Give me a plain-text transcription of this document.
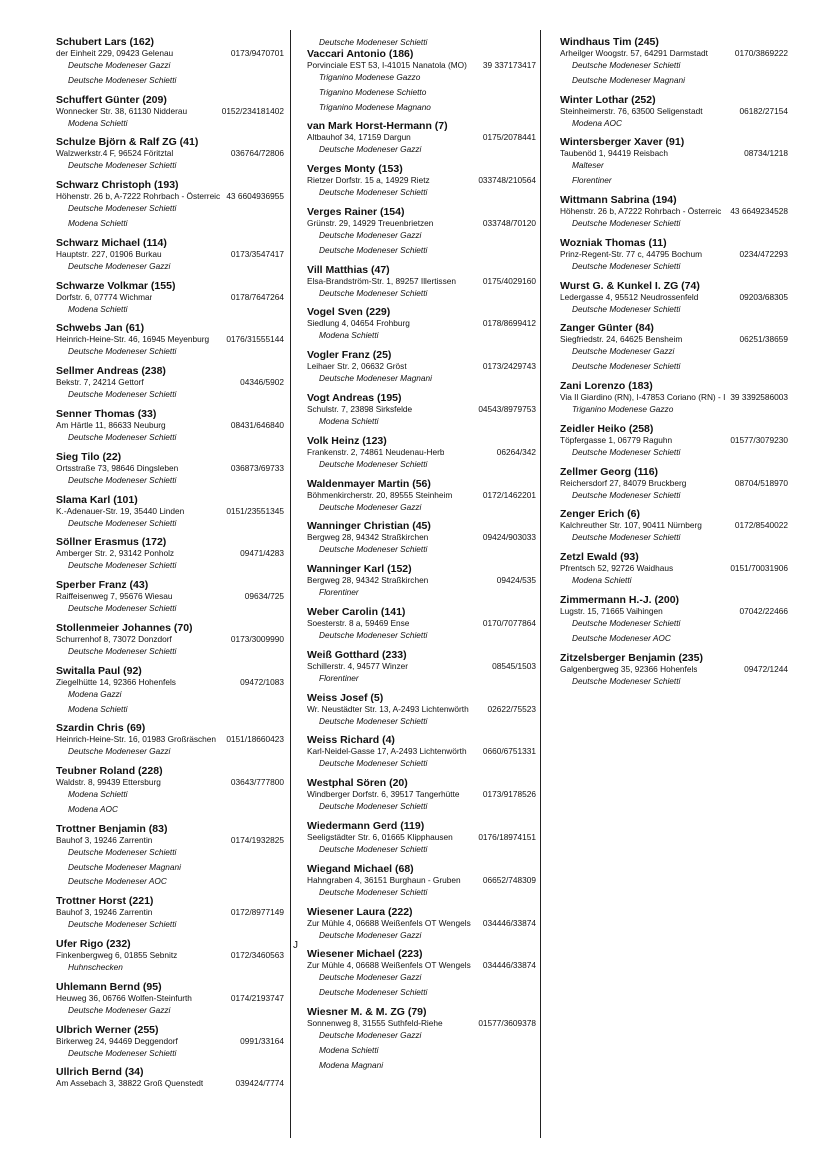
Schubert Lars (162)
der Einheit 229, 09423 Gelenau	0173/9470701
Deutsche Modeneser Gazzi
Deutsche Modeneser Schietti
Schuffert Günter (209)
Wonnecker Str. 38, 61130 Nidderau	0152/234181402
Modena Schietti
Schulze Björn & Ralf ZG (41)
Walzwerkstr.4 F, 96524 Föritztal	036764/72806
Deutsche Modeneser Schietti
Schwarz Christoph (193)
Höhenstr. 26 b, A-7222 Rohrbach - Österreic 43 6604936955
Deutsche Modeneser Schietti
Modena Schietti
Schwarz Michael (114)
Hauptstr. 227, 01906 Burkau	0173/3547417
Deutsche Modeneser Gazzi
Schwarze Volkmar (155)
Dorfstr. 6, 07774 Wichmar	0178/7647264
Modena Schietti
Schwebs Jan (61)
Heinrich-Heine-Str. 46, 16945 Meyenburg	0176/31555144
Deutsche Modeneser Schietti
Sellmer Andreas (238)
Bekstr. 7, 24214 Gettorf	04346/5902
Deutsche Modeneser Schietti
Senner Thomas (33)
Am Härtle 11, 86633 Neuburg	08431/646840
Deutsche Modeneser Schietti
Sieg Tilo (22)
Ortsstraße 73, 98646 Dingsleben	036873/69733
Deutsche Modeneser Schietti
Slama Karl (101)
K.-Adenauer-Str. 19, 35440 Linden	0151/23551345
Deutsche Modeneser Schietti
Söllner Erasmus (172)
Amberger Str. 2, 93142 Ponholz	09471/4283
Deutsche Modeneser Schietti
Sperber Franz (43)
Raiffeisenweg 7, 95676 Wiesau	09634/725
Deutsche Modeneser Schietti
Stollenmeier Johannes (70)
Schurrenhof 8, 73072 Donzdorf	0173/3009990
Deutsche Modeneser Schietti
Switalla Paul (92)
Ziegelhütte 14, 92366 Hohenfels	09472/1083
Modena Gazzi
Modena Schietti
Szardin Chris (69)
Heinrich-Heine-Str. 16, 01983 Großräschen	0151/18660423
Deutsche Modeneser Gazzi
Teubner Roland (228)
Waldstr. 8, 99439 Ettersburg	03643/777800
Modena Schietti
Modena AOC
Trottner Benjamin (83)
Bauhof 3, 19246 Zarrentin	0174/1932825
Deutsche Modeneser Schietti
Deutsche Modeneser Magnani
Deutsche Modeneser AOC
Trottner Horst (221)
Bauhof 3, 19246 Zarrentin	0172/8977149
Deutsche Modeneser Schietti
Ufer Rigo (232)
Finkenbergweg 6, 01855 Sebnitz	0172/3460563
Huhnschecken
Uhlemann Bernd (95)
Heuweg 36, 06766 Wolfen-Steinfurth	0174/2193747
Deutsche Modeneser Gazzi
Ulbrich Werner (255)
Birkerweg 24, 94469 Deggendorf	0991/33164
Deutsche Modeneser Schietti
Ullrich Bernd (34)
Am Assebach 3, 38822 Groß Quenstedt	039424/7774
J
Deutsche Modeneser Schietti
Vaccari Antonio (186)
Porvinciale EST 53, I-41015 Nanatola (MO)	39 337173417
Triganino Modenese Gazzo
Triganino Modenese Schietto
Triganino Modenese Magnano
van Mark Horst-Hermann (7)
Altbauhof 34, 17159 Dargun	0175/2078441
Deutsche Modeneser Gazzi
Verges Monty (153)
Rietzer Dorfstr. 15 a, 14929 Rietz	033748/210564
Deutsche Modeneser Schietti
Verges Rainer (154)
Grünstr. 29, 14929 Treuenbrietzen	033748/70120
Deutsche Modeneser Gazzi
Deutsche Modeneser Schietti
Vill Matthias (47)
Elsa-Brandström-Str. 1, 89257 Illertissen	0175/4029160
Deutsche Modeneser Schietti
Vogel Sven (229)
Siedlung 4, 04654 Frohburg	0178/8699412
Modena Schietti
Vogler Franz (25)
Leihaer Str. 2, 06632 Gröst	0173/2429743
Deutsche Modeneser Magnani
Vogt Andreas (195)
Schulstr. 7, 23898 Sirksfelde	04543/8979753
Modena Schietti
Volk Heinz (123)
Frankenstr. 2, 74861 Neudenau-Herb	06264/342
Deutsche Modeneser Schietti
Waldenmayer Martin (56)
Böhmenkircherstr. 20, 89555 Steinheim	0172/1462201
Deutsche Modeneser Gazzi
Wanninger Christian (45)
Bergweg 28, 94342 Straßkirchen	09424/903033
Deutsche Modeneser Schietti
Wanninger Karl (152)
Bergweg 28, 94342 Straßkirchen	09424/535
Florentiner
Weber Carolin (141)
Soesterstr. 8 a, 59469 Ense	0170/7077864
Deutsche Modeneser Schietti
Weiß Gotthard (233)
Schillerstr. 4, 94577 Winzer	08545/1503
Florentiner
Weiss Josef (5)
Wr. Neustädter Str. 13, A-2493 Lichtenwörth	02622/75523
Deutsche Modeneser Schietti
Weiss Richard (4)
Karl-Neidel-Gasse 17, A-2493 Lichtenwörth	0660/6751331
Deutsche Modeneser Schietti
Westphal Sören (20)
Windberger Dorfstr. 6, 39517 Tangerhütte	0173/9178526
Deutsche Modeneser Schietti
Wiedermann Gerd (119)
Seeligstädter Str. 6, 01665 Klipphausen	0176/18974151
Deutsche Modeneser Schietti
Wiegand Michael (68)
Hahngraben 4, 36151 Burghaun - Gruben	06652/748309
Deutsche Modeneser Schietti
Wiesener Laura (222)
Zur Mühle 4, 06688 Weißenfels OT Wengels	034446/33874
Deutsche Modeneser Gazzi
Wiesener Michael (223)
Zur Mühle 4, 06688 Weißenfels OT Wengels	034446/33874
Deutsche Modeneser Gazzi
Deutsche Modeneser Schietti
Wiesner M. & M. ZG (79)
Sonnenweg 8, 31555 Suthfeld-Riehe	01577/3609378
Deutsche Modeneser Gazzi
Modena Schietti
Modena Magnani
Windhaus Tim (245)
Arheilger Woogstr. 57, 64291 Darmstadt	0170/3869222
Deutsche Modeneser Schietti
Deutsche Modeneser Magnani
Winter Lothar (252)
Steinheimerstr. 76, 63500 Seligenstadt	06182/27154
Modena AOC
Wintersberger Xaver (91)
Taubenöd 1, 94419 Reisbach	08734/1218
Malteser
Florentiner
Wittmann Sabrina (194)
Höhenstr. 26 b, A7222 Rohrbach - Österreic	43 6649234528
Deutsche Modeneser Schietti
Wozniak Thomas (11)
Prinz-Regent-Str. 77 c, 44795 Bochum	0234/472293
Deutsche Modeneser Schietti
Wurst G. & Kunkel I. ZG (74)
Ledergasse 4, 95512 Neudrossenfeld	09203/68305
Deutsche Modeneser Schietti
Zanger Günter (84)
Siegfriedstr. 24, 64625 Bensheim	06251/38659
Deutsche Modeneser Gazzi
Deutsche Modeneser Schietti
Zani Lorenzo (183)
Via Il Giardino (RN), I-47853 Coriano (RN) - I 39 3392586003
Triganino Modenese Gazzo
Zeidler Heiko (258)
Töpfergasse 1, 06779 Raguhn	01577/3079230
Deutsche Modeneser Schietti
Zellmer Georg (116)
Reichersdorf 27, 84079 Bruckberg	08704/518970
Deutsche Modeneser Schietti
Zenger Erich (6)
Kalchreuther Str. 107, 90411 Nürnberg	0172/8540022
Deutsche Modeneser Schietti
Zetzl Ewald (93)
Pfrentsch 52, 92726 Waidhaus	0151/70031906
Modena Schietti
Zimmermann H.-J. (200)
Lugstr. 15, 71665 Vaihingen	07042/22466
Deutsche Modeneser Schietti
Deutsche Modeneser AOC
Zitzelsberger Benjamin (235)
Galgenbergweg 35, 92366 Hohenfels	09472/1244
Deutsche Modeneser Schietti
